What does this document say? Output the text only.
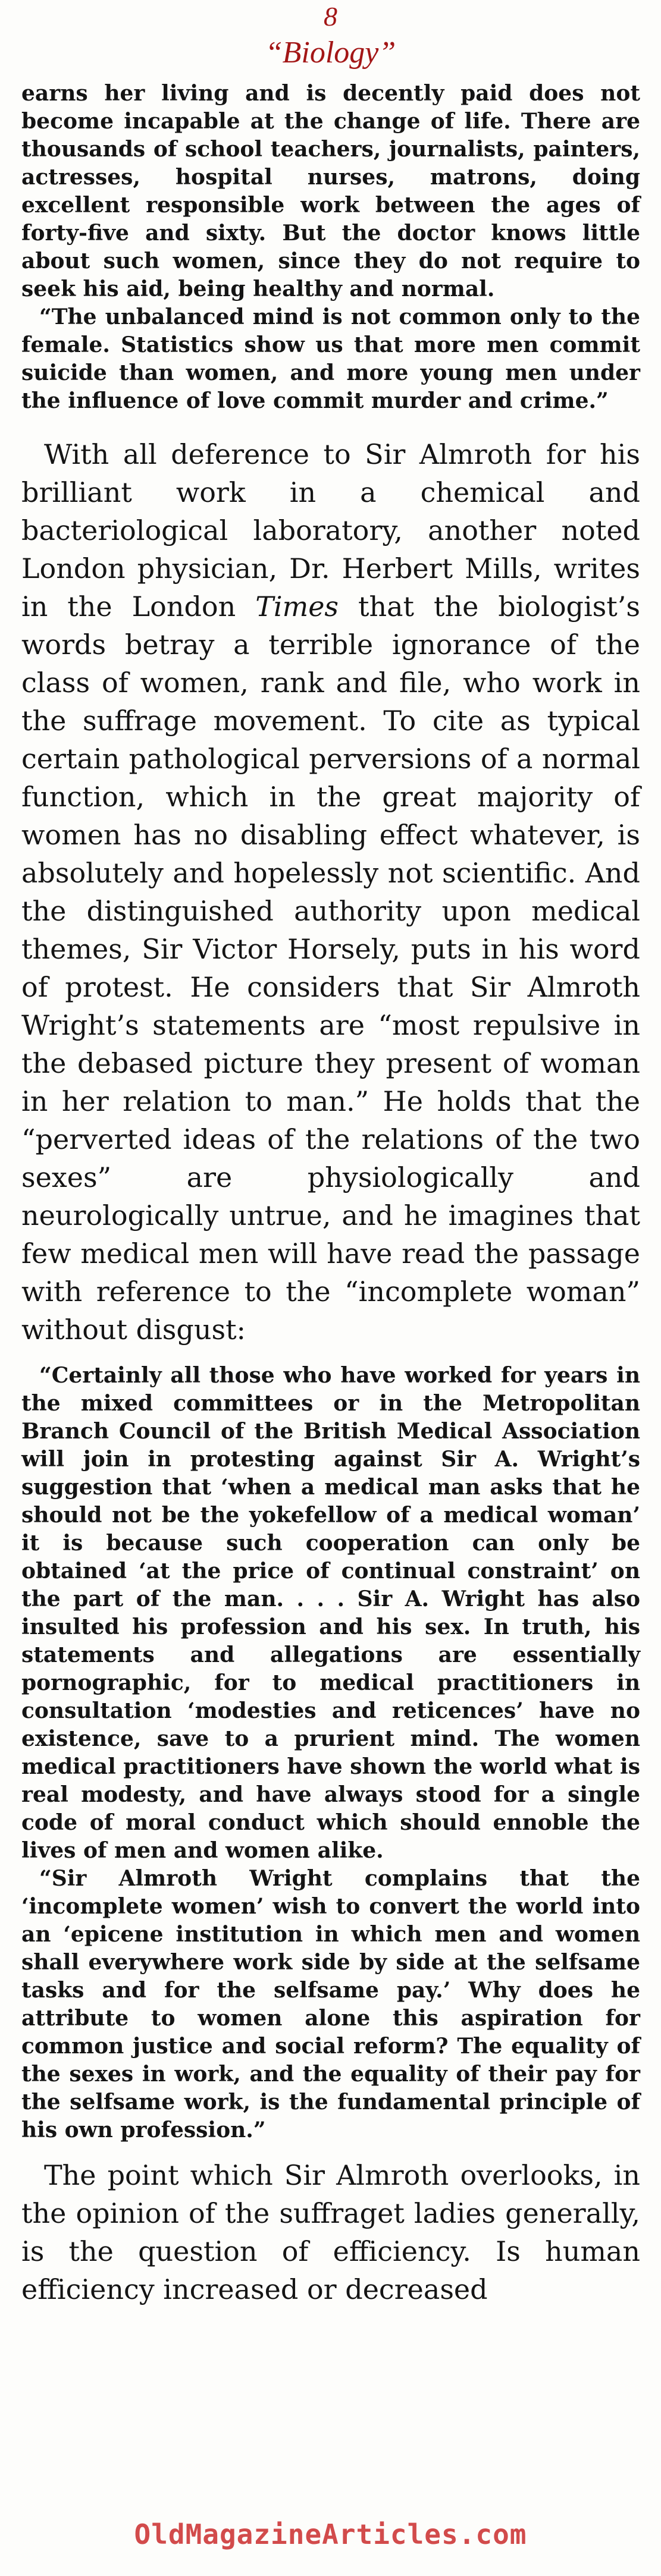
8
“Biology”

earns her living and is decently paid does not become incapable at the change of life. There are thousands of school teachers, journalists, painters, actresses, hospital nurses, matrons, doing excellent responsible work between the ages of forty-five and sixty. But the doctor knows little about such women, since they do not require to seek his aid, being healthy and normal.

“The unbalanced mind is not common only to the female. Statistics show us that more men commit suicide than women, and more young men under the influence of love commit murder and crime.”

With all deference to Sir Almroth for his brilliant work in a chemical and bacteriological laboratory, another noted London physician, Dr. Herbert Mills, writes in the London Times that the biologist’s words betray a terrible ignorance of the class of women, rank and file, who work in the suffrage movement. To cite as typical certain pathological perversions of a normal function, which in the great majority of women has no disabling effect whatever, is absolutely and hopelessly not scientific. And the distinguished authority upon medical themes, Sir Victor Horsely, puts in his word of protest. He considers that Sir Almroth Wright’s statements are “most repulsive in the debased picture they present of woman in her relation to man.” He holds that the “perverted ideas of the relations of the two sexes” are physiologically and neurologically untrue, and he imagines that few medical men will have read the passage with reference to the “incomplete woman” without disgust:

“Certainly all those who have worked for years in the mixed committees or in the Metropolitan Branch Council of the British Medical Association will join in protesting against Sir A. Wright’s suggestion that ‘when a medical man asks that he should not be the yokefellow of a medical woman’ it is because such cooperation can only be obtained ‘at the price of continual constraint’ on the part of the man. . . . Sir A. Wright has also insulted his profession and his sex. In truth, his statements and allegations are essentially pornographic, for to medical practitioners in consultation ‘modesties and reticences’ have no existence, save to a prurient mind. The women medical practitioners have shown the world what is real modesty, and have always stood for a single code of moral conduct which should ennoble the lives of men and women alike.

“Sir Almroth Wright complains that the ‘incomplete women’ wish to convert the world into an ‘epicene institution in which men and women shall everywhere work side by side at the selfsame tasks and for the selfsame pay.’ Why does he attribute to women alone this aspiration for common justice and social reform? The equality of the sexes in work, and the equality of their pay for the selfsame work, is the fundamental principle of his own profession.”

The point which Sir Almroth overlooks, in the opinion of the suffraget ladies generally, is the question of efficiency. Is human efficiency increased or decreased

OldMagazineArticles.com
